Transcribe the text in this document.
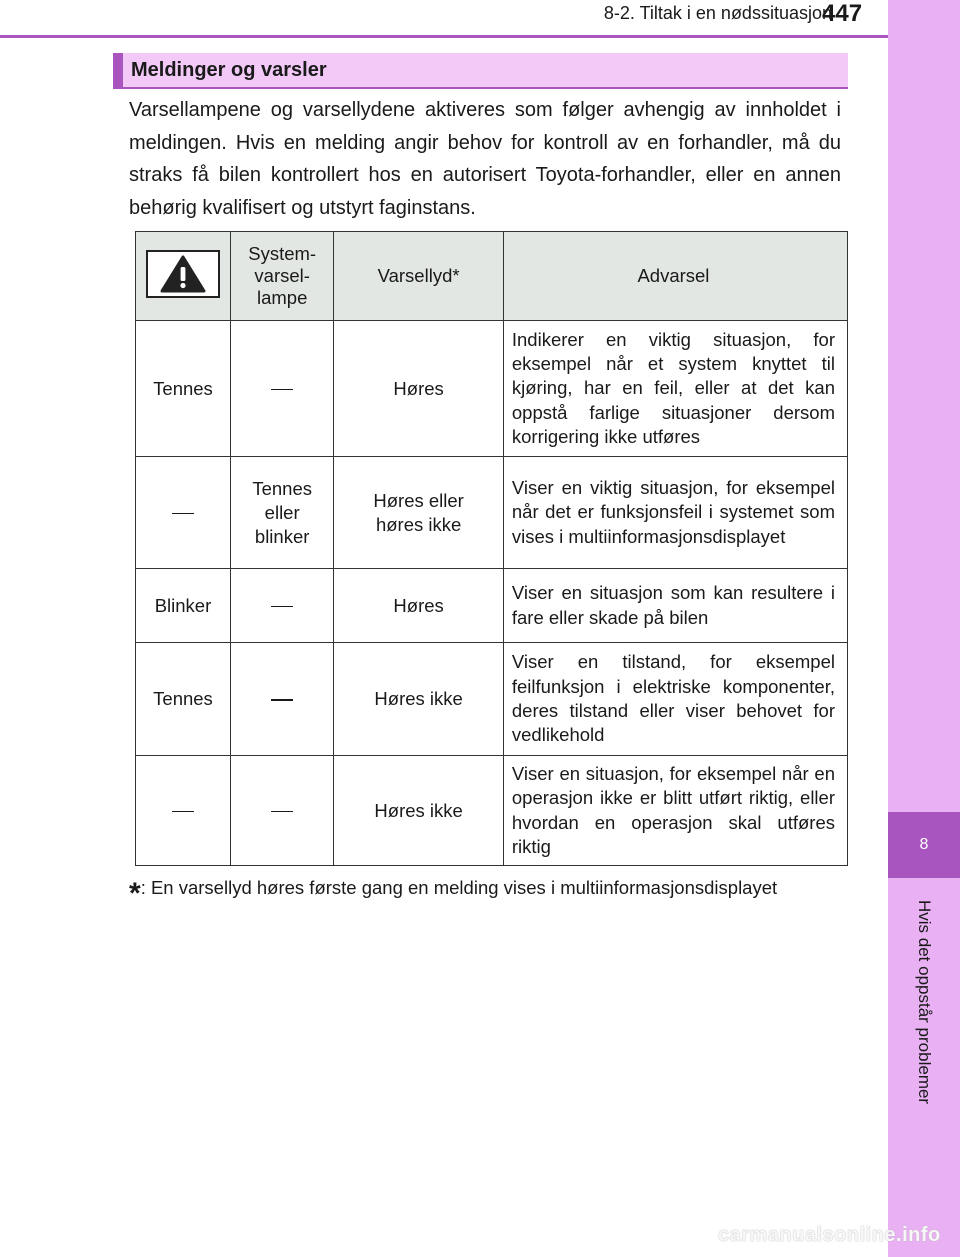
8
Hvis det oppstår problemer
8-2. Tiltak i en nødssituasjon
447
Meldinger og varsler
Varsellampene og varsellydene aktiveres som følger avhengig av innholdet i meldingen. Hvis en melding angir behov for kontroll av en forhandler, må du straks få bilen kontrollert hos en autorisert Toyota-forhandler, eller en annen behørig kvalifisert og utstyrt faginstans.
	System-
varsel-
lampe	Varsellyd*	Advarsel
Tennes		Høres	Indikerer en viktig situasjon, for eksempel når et system knyttet til kjøring, har en feil, eller at det kan oppstå farlige situasjoner dersom korrigering ikke utføres
	Tennes
eller
blinker	Høres eller
høres ikke	Viser en viktig situasjon, for eksempel når det er funksjonsfeil i systemet som vises i multiinformasjonsdisplayet
Blinker		Høres	Viser en situasjon som kan resultere i fare eller skade på bilen
Tennes		Høres ikke	Viser en tilstand, for eksempel feilfunksjon i elektriske komponenter, deres tilstand eller viser behovet for vedlikehold
		Høres ikke	Viser en situasjon, for eksempel når en operasjon ikke er blitt utført riktig, eller hvordan en operasjon skal utføres riktig
*: En varsellyd høres første gang en melding vises i multiinformasjonsdisplayet
carmanualsonline.info
